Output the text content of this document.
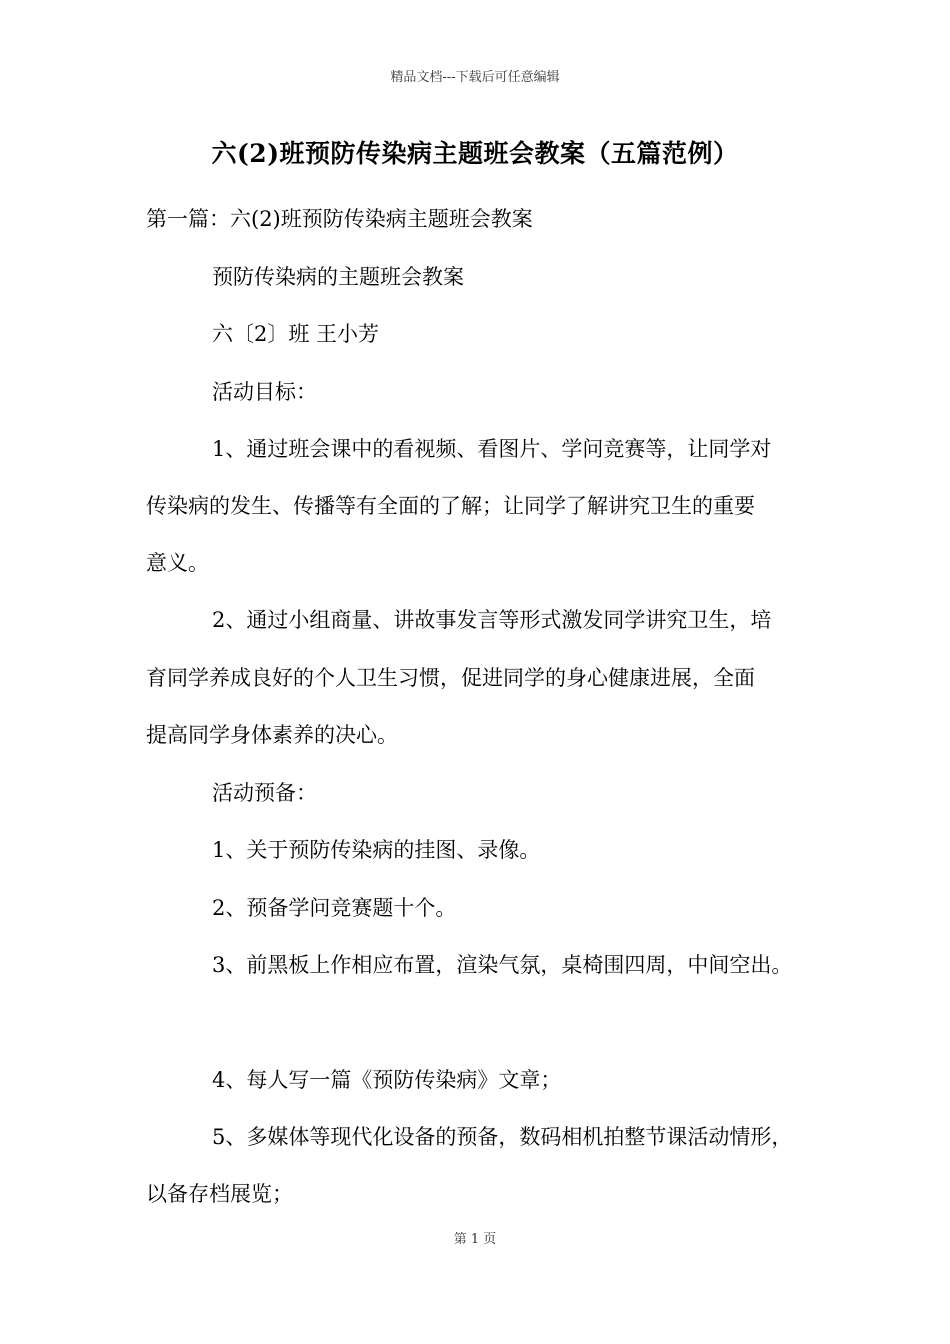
精品文档---下载后可任意编辑
六(2)班预防传染病主题班会教案（五篇范例）
第一篇：六(2)班预防传染病主题班会教案
预防传染病的主题班会教案
六〔2〕班 王小芳
活动目标：
1、通过班会课中的看视频、看图片、学问竞赛等，让同学对
传染病的发生、传播等有全面的了解；让同学了解讲究卫生的重要
意义。
2、通过小组商量、讲故事发言等形式激发同学讲究卫生，培
育同学养成良好的个人卫生习惯，促进同学的身心健康进展，全面
提高同学身体素养的决心。
活动预备：
1、关于预防传染病的挂图、录像。
2、预备学问竞赛题十个。
3、前黑板上作相应布置，渲染气氛，桌椅围四周，中间空出。
4、每人写一篇《预防传染病》文章；
5、多媒体等现代化设备的预备，数码相机拍整节课活动情形，
以备存档展览；
第 1 页
